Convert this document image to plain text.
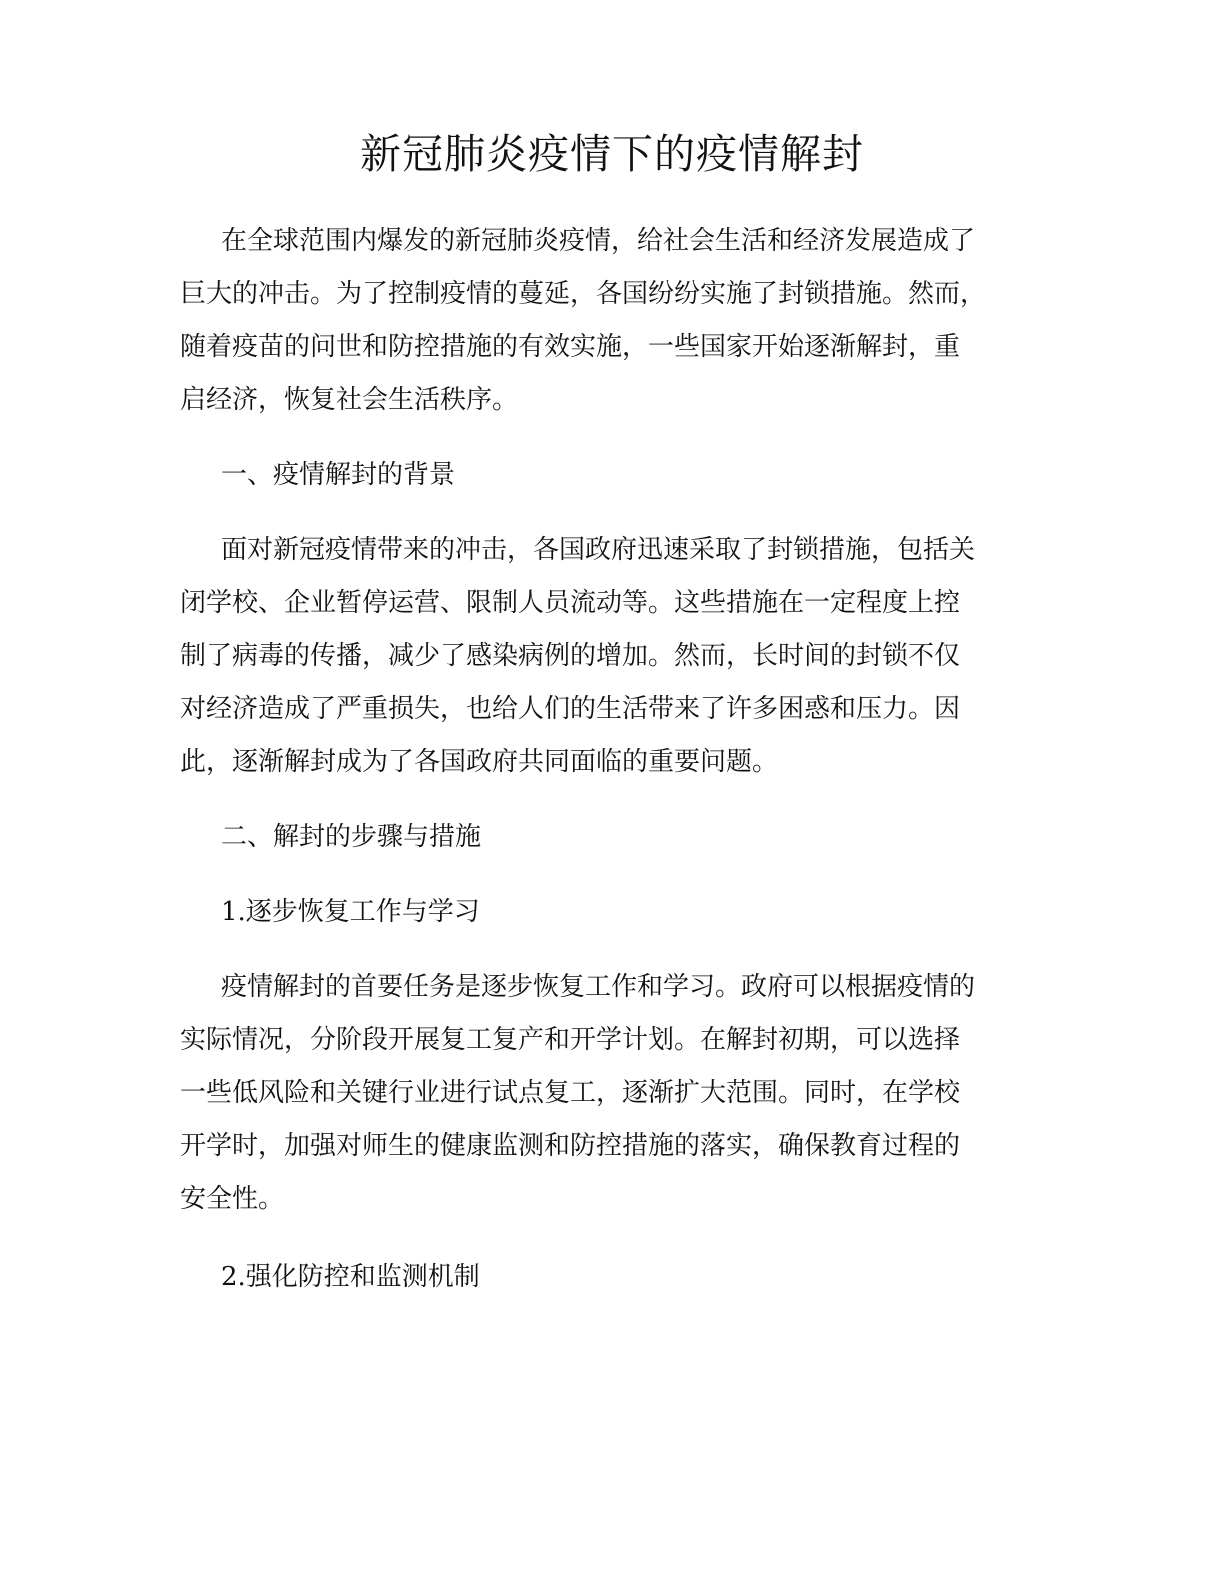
新冠肺炎疫情下的疫情解封
在全球范围内爆发的新冠肺炎疫情，给社会生活和经济发展造成了
巨大的冲击。为了控制疫情的蔓延，各国纷纷实施了封锁措施。然而，
随着疫苗的问世和防控措施的有效实施，一些国家开始逐渐解封，重
启经济，恢复社会生活秩序。
一、疫情解封的背景
面对新冠疫情带来的冲击，各国政府迅速采取了封锁措施，包括关
闭学校、企业暂停运营、限制人员流动等。这些措施在一定程度上控
制了病毒的传播，减少了感染病例的增加。然而，长时间的封锁不仅
对经济造成了严重损失，也给人们的生活带来了许多困惑和压力。因
此，逐渐解封成为了各国政府共同面临的重要问题。
二、解封的步骤与措施
1.逐步恢复工作与学习
疫情解封的首要任务是逐步恢复工作和学习。政府可以根据疫情的
实际情况，分阶段开展复工复产和开学计划。在解封初期，可以选择
一些低风险和关键行业进行试点复工，逐渐扩大范围。同时，在学校
开学时，加强对师生的健康监测和防控措施的落实，确保教育过程的
安全性。
2.强化防控和监测机制
